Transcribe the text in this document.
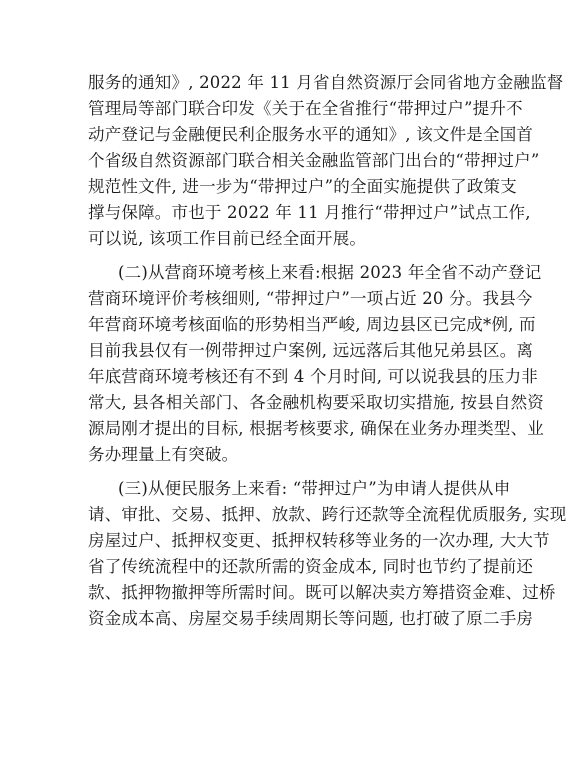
服务的通知》, 2022 年 11 月省自然资源厅会同省地方金融监督
管理局等部门联合印发《关于在全省推行“带押过户”提升不
动产登记与金融便民利企服务水平的通知》, 该文件是全国首
个省级自然资源部门联合相关金融监管部门出台的“带押过户”
规范性文件, 进一步为“带押过户”的全面实施提供了政策支
撑与保障。市也于 2022 年 11 月推行“带押过户”试点工作,
可以说, 该项工作目前已经全面开展。
(二)从营商环境考核上来看:根据 2023 年全省不动产登记
营商环境评价考核细则, “带押过户”一项占近 20 分。我县今
年营商环境考核面临的形势相当严峻, 周边县区已完成*例, 而
目前我县仅有一例带押过户案例, 远远落后其他兄弟县区。离
年底营商环境考核还有不到 4 个月时间, 可以说我县的压力非
常大, 县各相关部门、各金融机构要采取切实措施, 按县自然资
源局刚才提出的目标, 根据考核要求, 确保在业务办理类型、业
务办理量上有突破。
(三)从便民服务上来看: “带押过户”为申请人提供从申
请、审批、交易、抵押、放款、跨行还款等全流程优质服务, 实现
房屋过户、抵押权变更、抵押权转移等业务的一次办理, 大大节
省了传统流程中的还款所需的资金成本, 同时也节约了提前还
款、抵押物撤押等所需时间。既可以解决卖方筹措资金难、过桥
资金成本高、房屋交易手续周期长等问题, 也打破了原二手房
